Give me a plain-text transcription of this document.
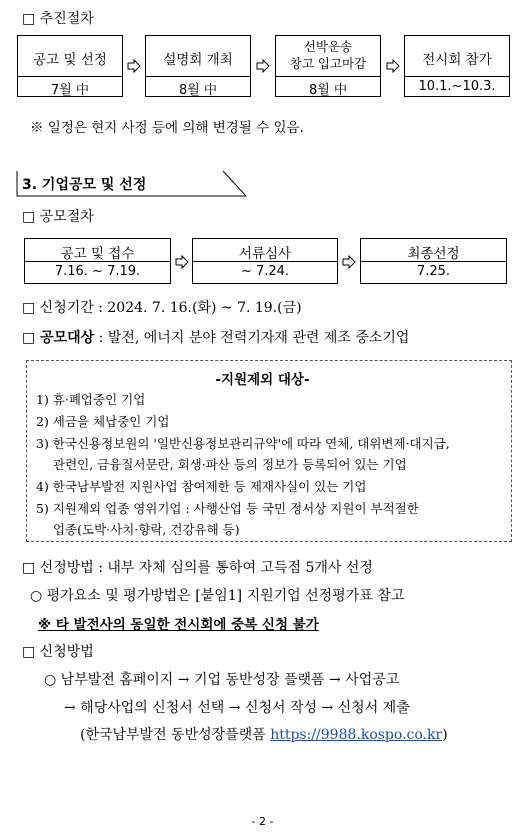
□ 추진절차
공고 및 선정
7월 中
설명회 개최
8월 中
선박운송
창고 입고마감
8월 中
전시회 참가
10.1.~10.3.
※ 일정은 현지 사정 등에 의해 변경될 수 있음.
3. 기업공모 및 선정
□ 공모절차
공고 및 접수
7.16. ~ 7.19.
서류심사
~ 7.24.
최종선정
7.25.
□ 신청기간 : 2024. 7. 16.(화) ~ 7. 19.(금)
□ 공모대상 : 발전, 에너지 분야 전력기자재 관련 제조 중소기업
-지원제외 대상-
1) 휴·폐업중인 기업
2) 세금을 체납중인 기업
3) 한국신용정보원의 '일반신용정보관리규약'에 따라 연체, 대위변제·대지급,
관련인, 금융질서문란, 회생·파산 등의 정보가 등록되어 있는 기업
4) 한국남부발전 지원사업 참여제한 등 제재사실이 있는 기업
5) 지원제외 업종 영위기업 : 사행산업 등 국민 정서상 지원이 부적절한
업종(도박·사치·향락, 건강유해 등)
□ 선정방법 : 내부 자체 심의를 통하여 고득점 5개사 선정
○ 평가요소 및 평가방법은 [붙임1] 지원기업 선정평가표 참고
※ 타 발전사의 동일한 전시회에 중복 신청 불가
□ 신청방법
○ 남부발전 홈페이지 → 기업 동반성장 플랫폼 → 사업공고
→ 해당사업의 신청서 선택 → 신청서 작성 → 신청서 제출
(한국남부발전 동반성장플랫폼 https://9988.kospo.co.kr)
- 2 -
